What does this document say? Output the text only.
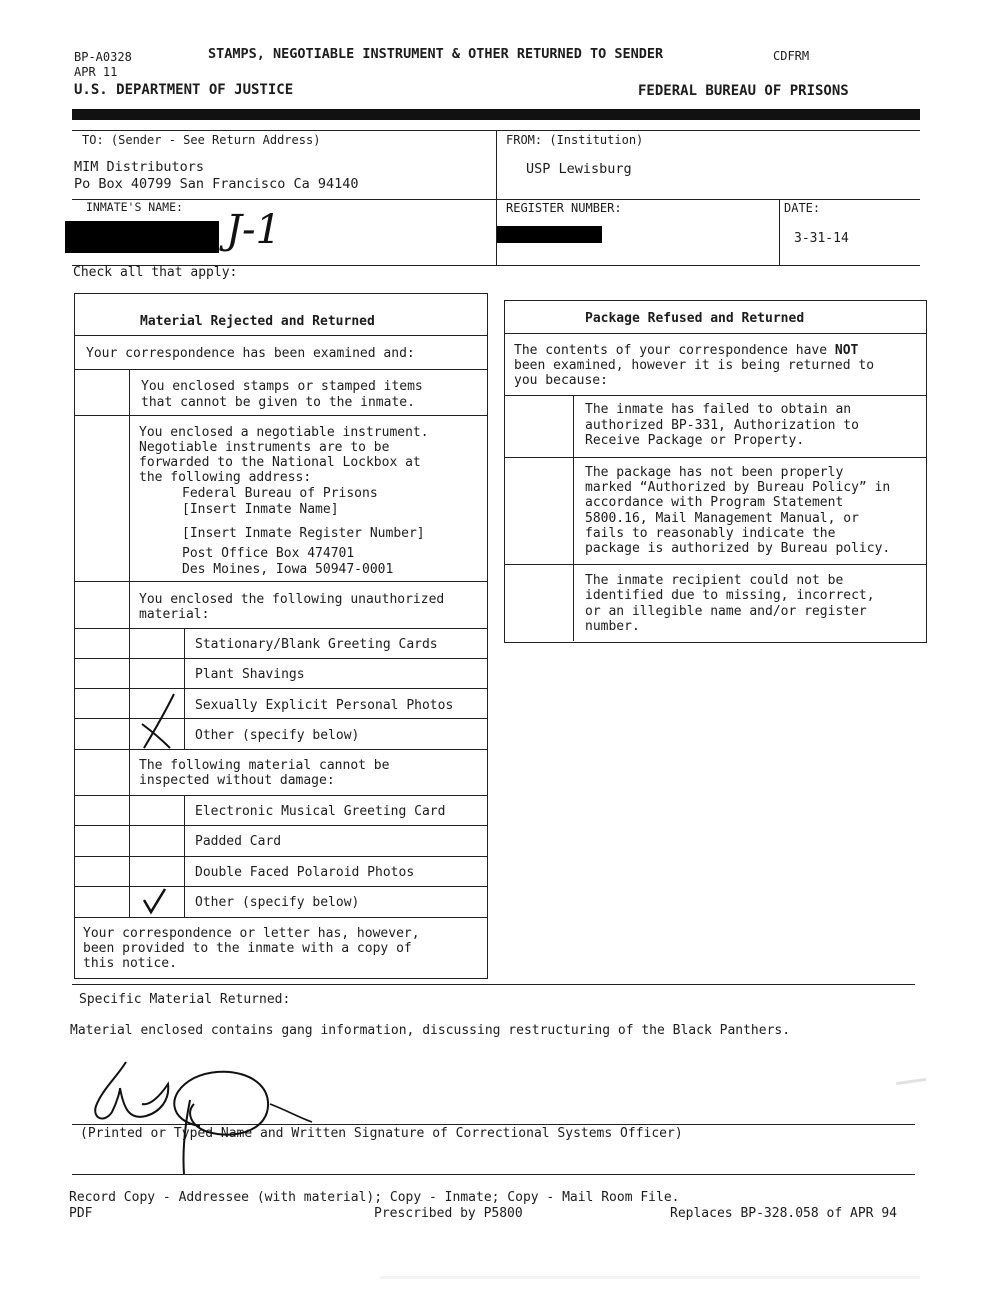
BP-A0328
APR 11
STAMPS, NEGOTIABLE INSTRUMENT & OTHER RETURNED TO SENDER	CDFRM
U.S. DEPARTMENT OF JUSTICE	FEDERAL BUREAU OF PRISONS
TO: (Sender - See Return Address)
MIM Distributors
Po Box 40799 San Francisco Ca 94140
FROM: (Institution)
USP Lewisburg
INMATE'S NAME: J-1	REGISTER NUMBER:	DATE:
3-31-14
Check all that apply:
Material Rejected and Returned
Your correspondence has been examined and:
You enclosed stamps or stamped items
that cannot be given to the inmate.
You enclosed a negotiable instrument.
Negotiable instruments are to be
forwarded to the National Lockbox at
the following address:
Federal Bureau of Prisons
[Insert Inmate Name]
[Insert Inmate Register Number]
Post Office Box 474701
Des Moines, Iowa 50947-0001
You enclosed the following unauthorized
material:
Stationary/Blank Greeting Cards
Plant Shavings
Sexually Explicit Personal Photos
Other (specify below)
The following material cannot be
inspected without damage:
Electronic Musical Greeting Card
Padded Card
Double Faced Polaroid Photos
Other (specify below)
Your correspondence or letter has, however,
been provided to the inmate with a copy of
this notice.
Package Refused and Returned
The contents of your correspondence have NOT
been examined, however it is being returned to
you because:
The inmate has failed to obtain an
authorized BP-331, Authorization to
Receive Package or Property.
The package has not been properly
marked “Authorized by Bureau Policy” in
accordance with Program Statement
5800.16, Mail Management Manual, or
fails to reasonably indicate the
package is authorized by Bureau policy.
The inmate recipient could not be
identified due to missing, incorrect,
or an illegible name and/or register
number.
Specific Material Returned:
Material enclosed contains gang information, discussing restructuring of the Black Panthers.
(Printed or Typed Name and Written Signature of Correctional Systems Officer)
Record Copy - Addressee (with material); Copy - Inmate; Copy - Mail Room File.
PDF	Prescribed by P5800	Replaces BP-328.058 of APR 94
